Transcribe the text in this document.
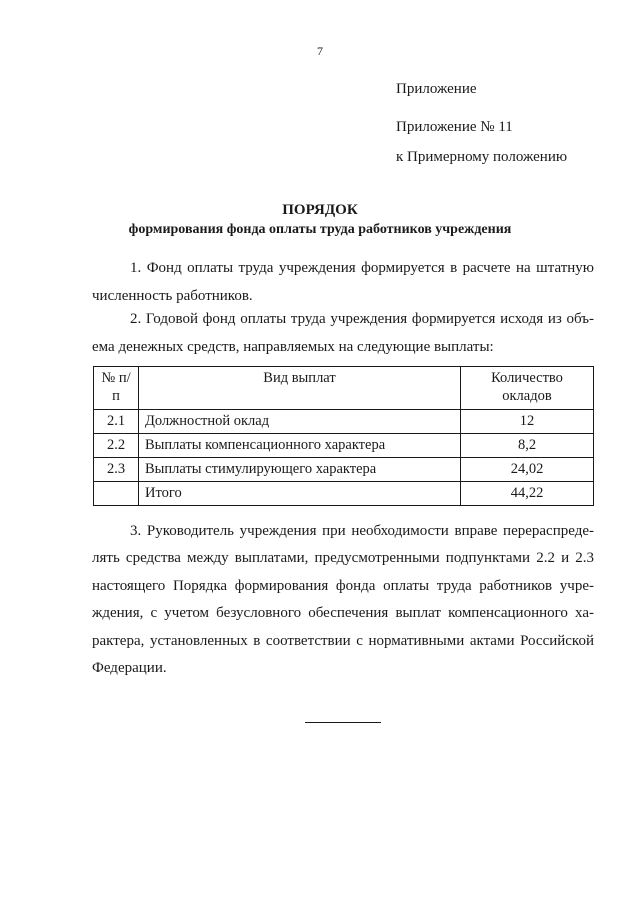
7
Приложение
Приложение № 11
к Примерному положению
ПОРЯДОК
формирования фонда оплаты труда работников учреждения
1. Фонд оплаты труда учреждения формируется в расчете на штатную численность работников.
2. Годовой фонд оплаты труда учреждения формируется исходя из объ-ема денежных средств, направляемых на следующие выплаты:
№ п/п	Вид выплат	Количество окладов
2.1	Должностной оклад	12
2.2	Выплаты компенсационного характера	8,2
2.3	Выплаты стимулирующего характера	24,02
	Итого	44,22
3. Руководитель учреждения при необходимости вправе перераспреде-лять средства между выплатами, предусмотренными подпунктами 2.2 и 2.3 настоящего Порядка формирования фонда оплаты труда работников учре-ждения, с учетом безусловного обеспечения выплат компенсационного ха-рактера, установленных в соответствии с нормативными актами Российской Федерации.
